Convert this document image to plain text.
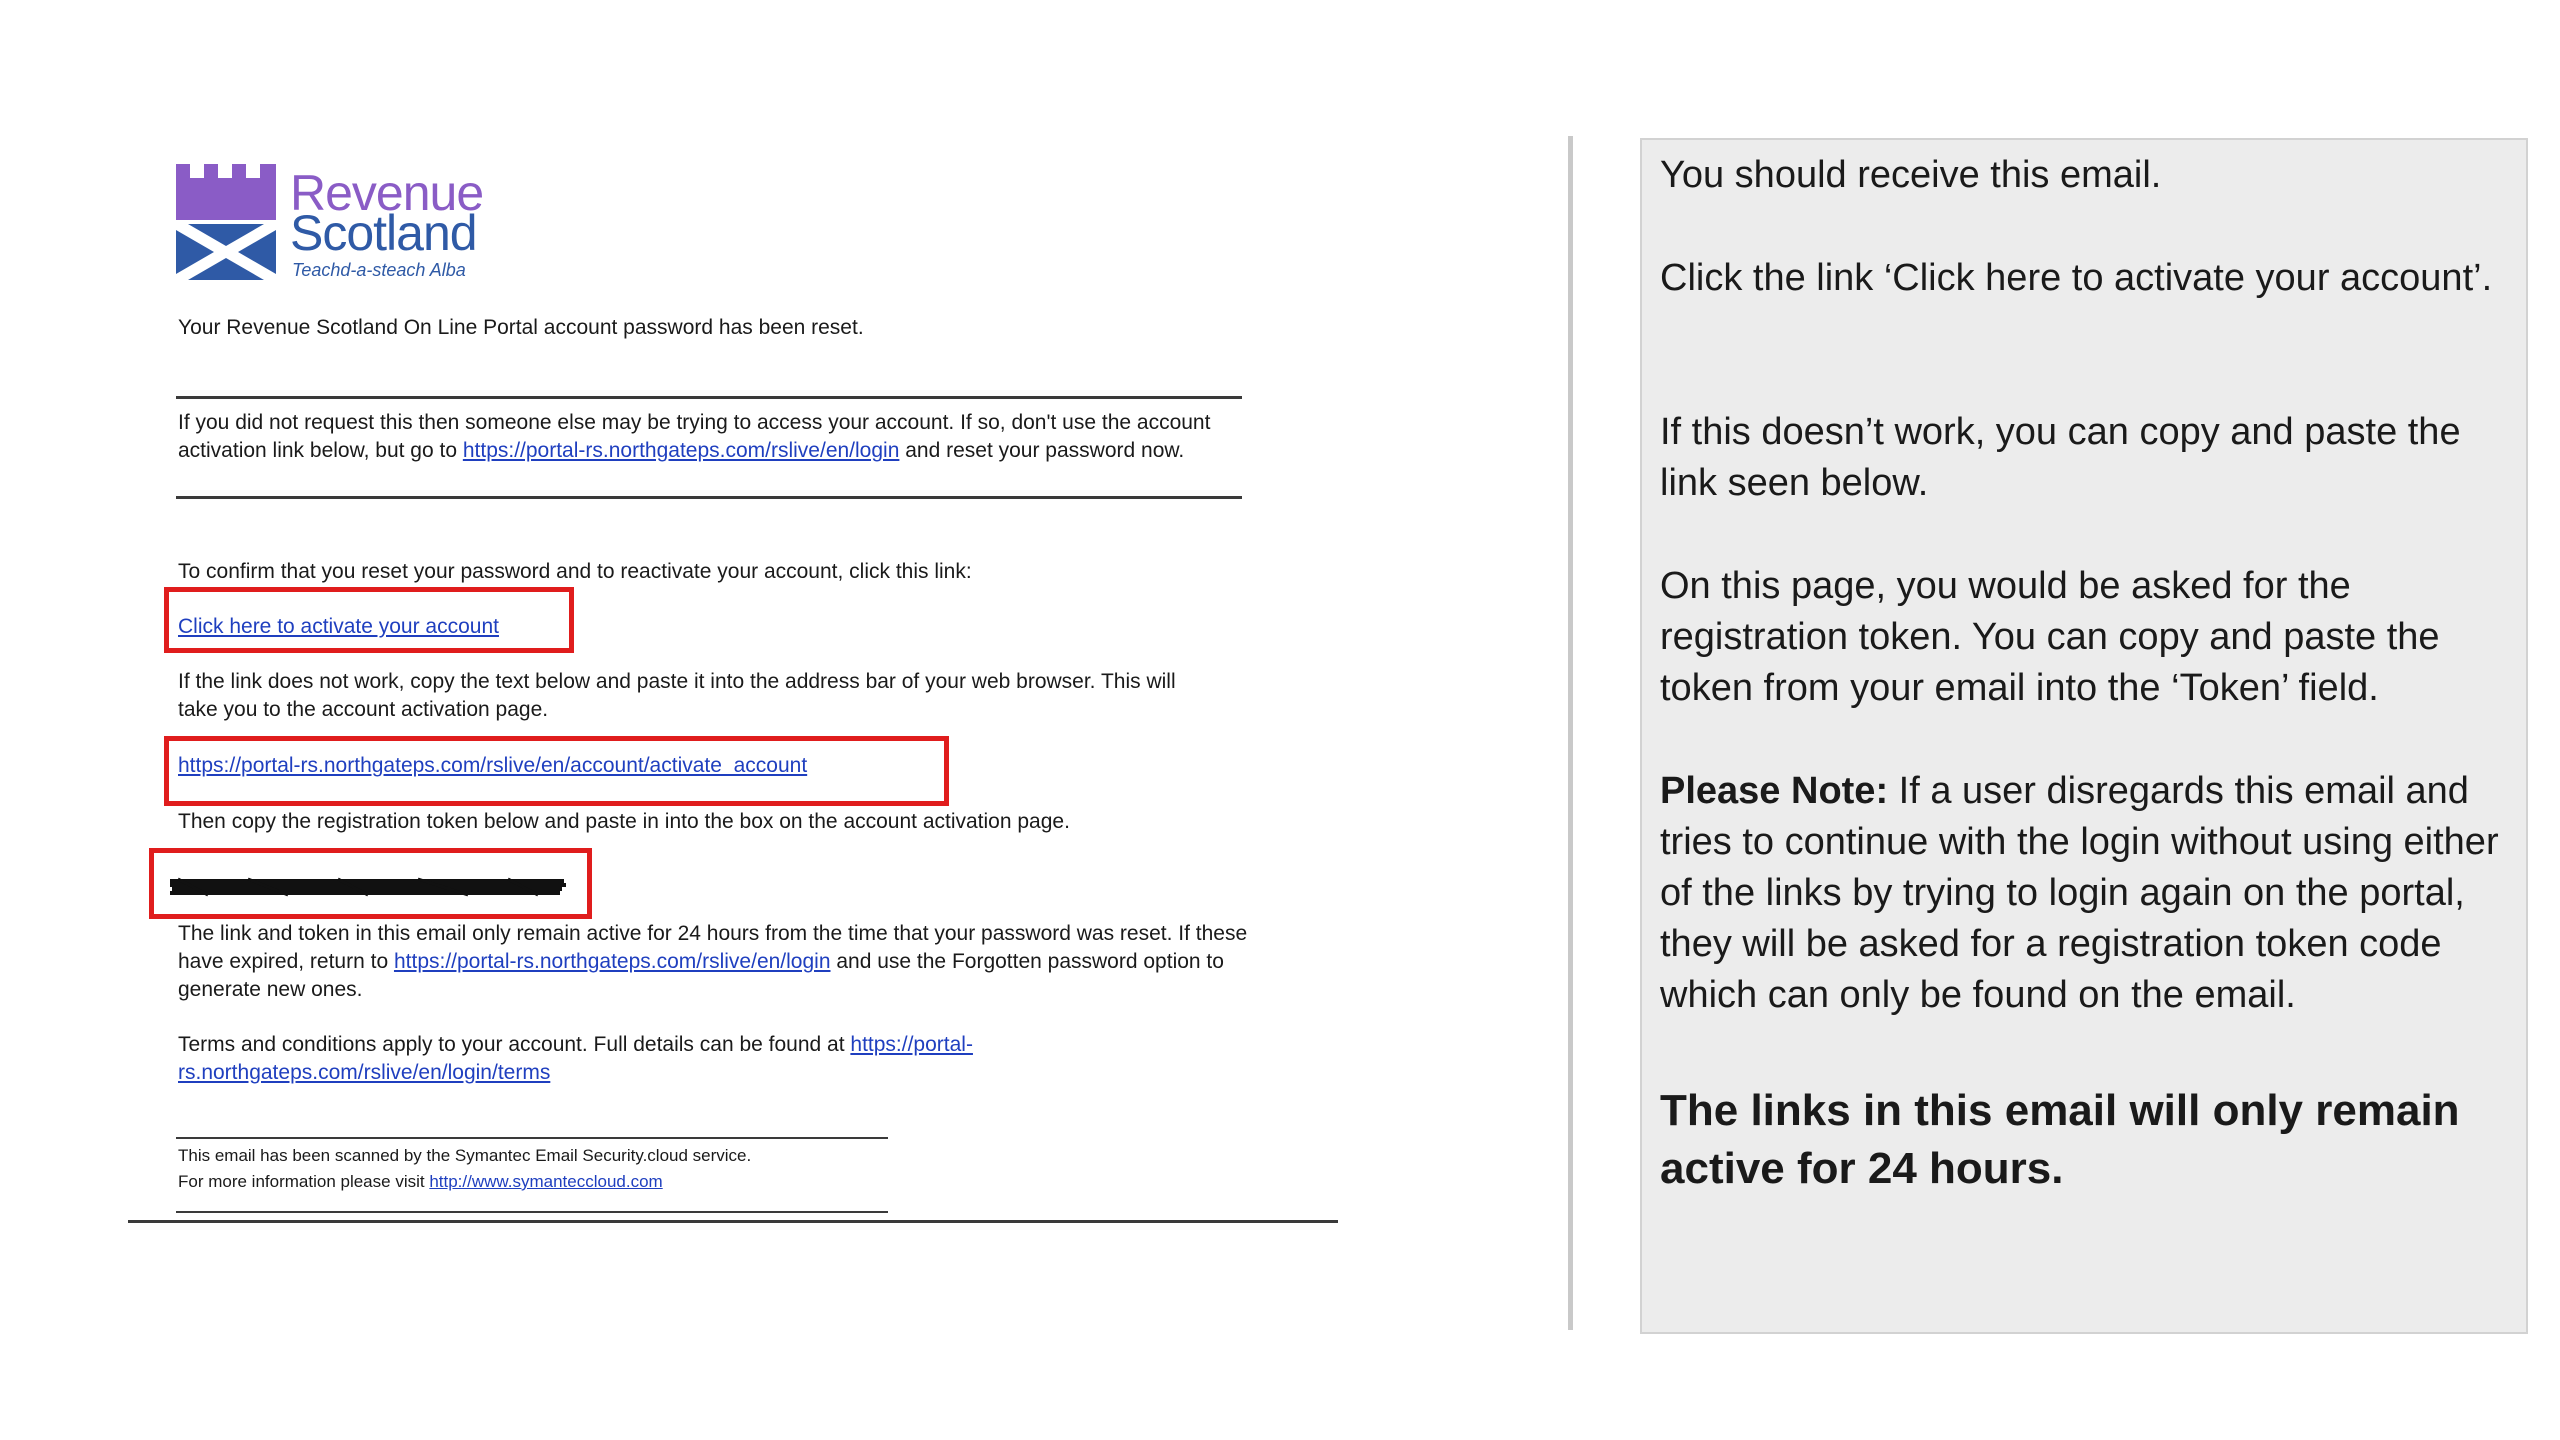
Revenue
Scotland
Teachd-a-steach Alba
Your Revenue Scotland On Line Portal account password has been reset.
If you did not request this then someone else may be trying to access your account. If so, don't use the account activation link below, but go to https://portal-rs.northgateps.com/rslive/en/login and reset your password now.
To confirm that you reset your password and to reactivate your account, click this link:
Click here to activate your account
If the link does not work, copy the text below and paste it into the address bar of your web browser. This will take you to the account activation page.
https://portal-rs.northgateps.com/rslive/en/account/activate_account
Then copy the registration token below and paste in into the box on the account activation page.
The link and token in this email only remain active for 24 hours from the time that your password was reset. If these have expired, return to https://portal-rs.northgateps.com/rslive/en/login and use the Forgotten password option to generate new ones.
Terms and conditions apply to your account. Full details can be found at https://portal-rs.northgateps.com/rslive/en/login/terms
This email has been scanned by the Symantec Email Security.cloud service.
For more information please visit http://www.symanteccloud.com
You should receive this email.
Click the link ‘Click here to activate your account’.
If this doesn’t work, you can copy and paste the link seen below.
On this page, you would be asked for the registration token. You can copy and paste the token from your email into the ‘Token’ field.
Please Note: If a user disregards this email and tries to continue with the login without using either of the links by trying to login again on the portal, they will be asked for a registration token code which can only be found on the email.
The links in this email will only remain active for 24 hours.
